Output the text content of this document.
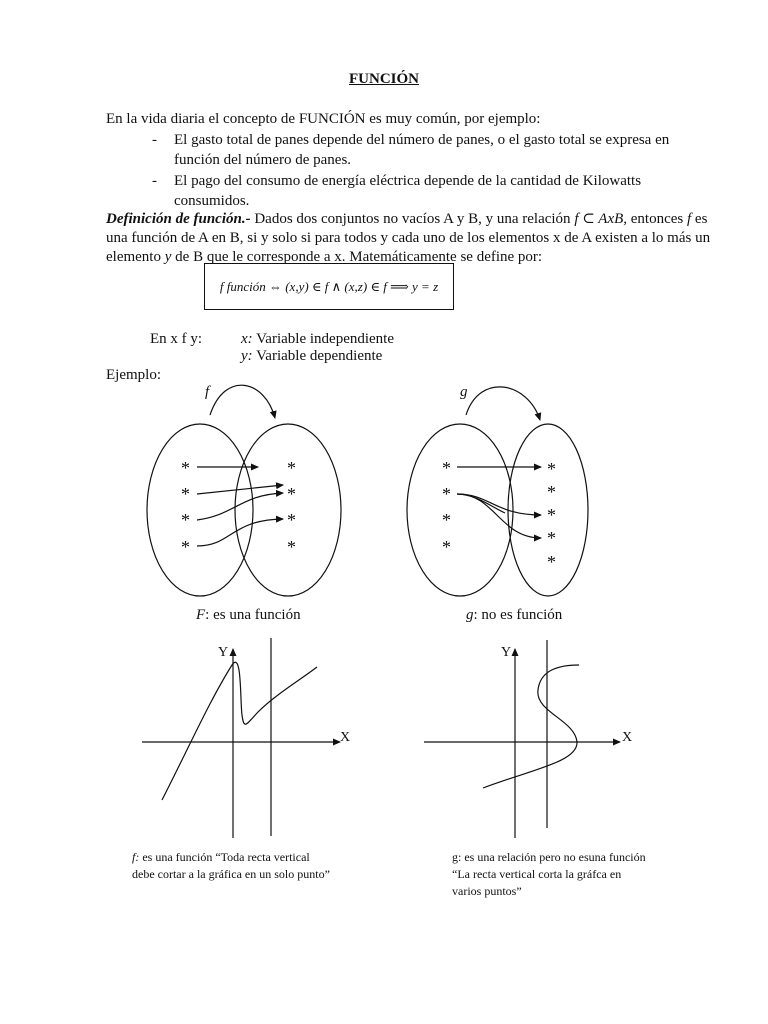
FUNCIÓN
En la vida diaria el concepto de FUNCIÓN es muy común, por ejemplo:
- El gasto total de panes depende del número de panes, o el gasto total se expresa en
función del número de panes.
- El pago del consumo de energía eléctrica depende de la cantidad de Kilowatts
consumidos.
Definición de función.- Dados dos conjuntos no vacíos A y B, y una relación f ⊂ AxB, entonces f es una función de A en B, si y solo si para todos y cada uno de los elementos x de A existen a lo más un elemento y de B que le corresponde a x. Matemáticamente se define por:
f función ⇔ (x,y) ∈ f ∧ (x,z) ∈ f ⟹ y = z
En x f y:	x: Variable independiente
y: Variable dependiente
Ejemplo:
f
*
*
*
*
*
*
*
*
g
*
*
*
*
*
*
*
*
*
Y
X
Y
X
F: es una función	g: no es función
f: es una función “Toda recta vertical debe cortar a la gráfica en un solo punto”
g: es una relación pero no esuna función “La recta vertical corta la gráfca en varios puntos”
